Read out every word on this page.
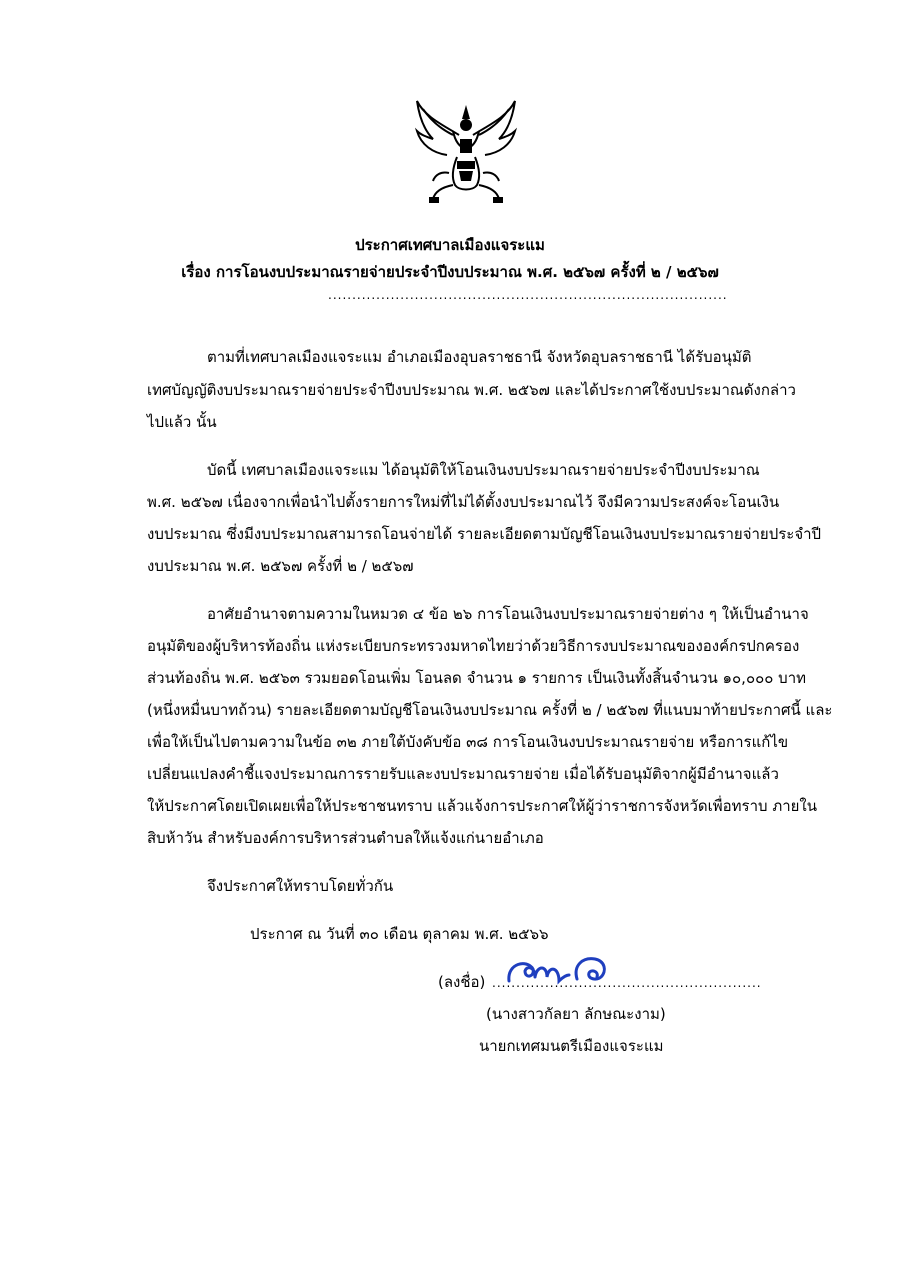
ประกาศเทศบาลเมืองแจระแม
เรื่อง การโอนงบประมาณรายจ่ายประจำปีงบประมาณ พ.ศ. ๒๕๖๗ ครั้งที่ ๒ / ๒๕๖๗
...................................................................................
ตามที่เทศบาลเมืองแจระแม อำเภอเมืองอุบลราชธานี จังหวัดอุบลราชธานี ได้รับอนุมัติ
เทศบัญญัติงบประมาณรายจ่ายประจำปีงบประมาณ พ.ศ. ๒๕๖๗ และได้ประกาศใช้งบประมาณดังกล่าว
ไปแล้ว นั้น
บัดนี้ เทศบาลเมืองแจระแม ได้อนุมัติให้โอนเงินงบประมาณรายจ่ายประจำปีงบประมาณ
พ.ศ. ๒๕๖๗ เนื่องจากเพื่อนำไปตั้งรายการใหม่ที่ไม่ได้ตั้งงบประมาณไว้ จึงมีความประสงค์จะโอนเงิน
งบประมาณ ซึ่งมีงบประมาณสามารถโอนจ่ายได้ รายละเอียดตามบัญชีโอนเงินงบประมาณรายจ่ายประจำปี
งบประมาณ พ.ศ. ๒๕๖๗ ครั้งที่ ๒ / ๒๕๖๗
อาศัยอำนาจตามความในหมวด ๔ ข้อ ๒๖ การโอนเงินงบประมาณรายจ่ายต่าง ๆ ให้เป็นอำนาจ
อนุมัติของผู้บริหารท้องถิ่น แห่งระเบียบกระทรวงมหาดไทยว่าด้วยวิธีการงบประมาณขององค์กรปกครอง
ส่วนท้องถิ่น พ.ศ. ๒๕๖๓ รวมยอดโอนเพิ่ม โอนลด จำนวน ๑ รายการ เป็นเงินทั้งสิ้นจำนวน ๑๐,๐๐๐ บาท
(หนึ่งหมื่นบาทถ้วน) รายละเอียดตามบัญชีโอนเงินงบประมาณ ครั้งที่ ๒ / ๒๕๖๗ ที่แนบมาท้ายประกาศนี้ และ
เพื่อให้เป็นไปตามความในข้อ ๓๒ ภายใต้บังคับข้อ ๓๘ การโอนเงินงบประมาณรายจ่าย หรือการแก้ไข
เปลี่ยนแปลงคำชี้แจงประมาณการรายรับและงบประมาณรายจ่าย เมื่อได้รับอนุมัติจากผู้มีอำนาจแล้ว
ให้ประกาศโดยเปิดเผยเพื่อให้ประชาชนทราบ แล้วแจ้งการประกาศให้ผู้ว่าราชการจังหวัดเพื่อทราบ ภายใน
สิบห้าวัน สำหรับองค์การบริหารส่วนตำบลให้แจ้งแก่นายอำเภอ
จึงประกาศให้ทราบโดยทั่วกัน
ประกาศ ณ วันที่ ๓๐ เดือน ตุลาคม พ.ศ. ๒๕๖๖
(ลงชื่อ) ........................................................
(นางสาวกัลยา ลักษณะงาม)
นายกเทศมนตรีเมืองแจระแม
